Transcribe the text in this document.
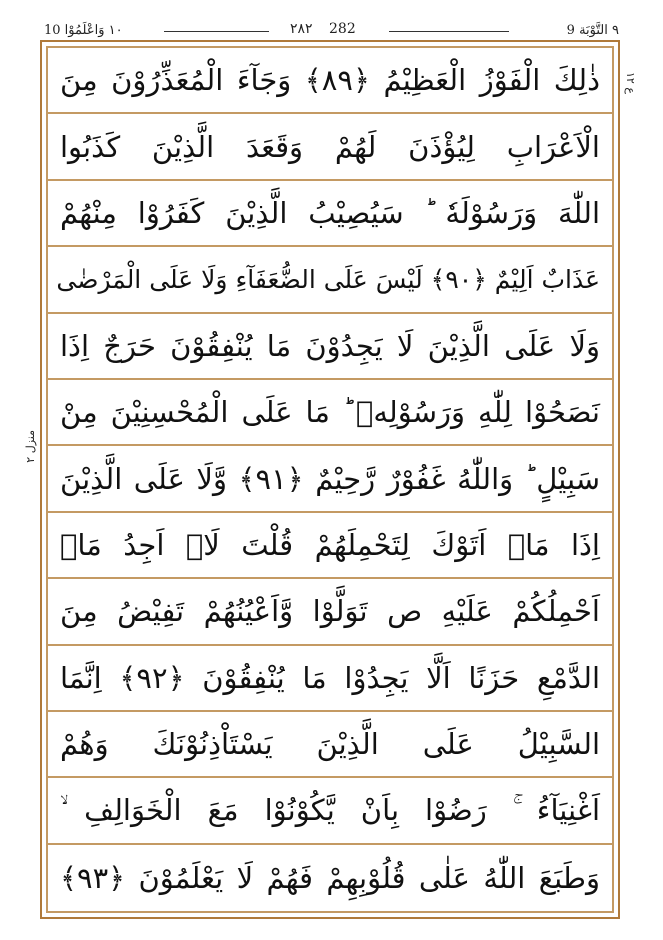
١٠ وَاعْلَمُوْا 10	٢٨٢ 282	٩ التَّوْبَة 9
ع ١٢
منزل ٢
ذٰلِكَ الْفَوْزُ الْعَظِيْمُ ﴿٨٩﴾ وَجَآءَ الْمُعَذِّرُوْنَ مِنَ
الْاَعْرَابِ لِيُؤْذَنَ لَهُمْ وَقَعَدَ الَّذِيْنَ كَذَبُوا
اللّٰهَ وَرَسُوْلَهٗ ؕ سَيُصِيْبُ الَّذِيْنَ كَفَرُوْا مِنْهُمْ
عَذَابٌ اَلِيْمٌ ﴿٩٠﴾ لَيْسَ عَلَى الضُّعَفَآءِ وَلَا عَلَى الْمَرْضٰى
وَلَا عَلَى الَّذِيْنَ لَا يَجِدُوْنَ مَا يُنْفِقُوْنَ حَرَجٌ اِذَا
نَصَحُوْا لِلّٰهِ وَرَسُوْلِهٖ ؕ مَا عَلَى الْمُحْسِنِيْنَ مِنْ
سَبِيْلٍ ؕ وَاللّٰهُ غَفُوْرٌ رَّحِيْمٌ ﴿٩١﴾ وَّلَا عَلَى الَّذِيْنَ
اِذَا مَاۤ اَتَوْكَ لِتَحْمِلَهُمْ قُلْتَ لَاۤ اَجِدُ مَاۤ
اَحْمِلُكُمْ عَلَيْهِ ص تَوَلَّوْا وَّاَعْيُنُهُمْ تَفِيْضُ مِنَ
الدَّمْعِ حَزَنًا اَلَّا يَجِدُوْا مَا يُنْفِقُوْنَ ﴿٩٢﴾ اِنَّمَا
السَّبِيْلُ عَلَى الَّذِيْنَ يَسْتَاْذِنُوْنَكَ وَهُمْ
اَغْنِيَآءُ ۚ رَضُوْا بِاَنْ يَّكُوْنُوْا مَعَ الْخَوَالِفِ ۙ
وَطَبَعَ اللّٰهُ عَلٰى قُلُوْبِهِمْ فَهُمْ لَا يَعْلَمُوْنَ ﴿٩٣﴾
